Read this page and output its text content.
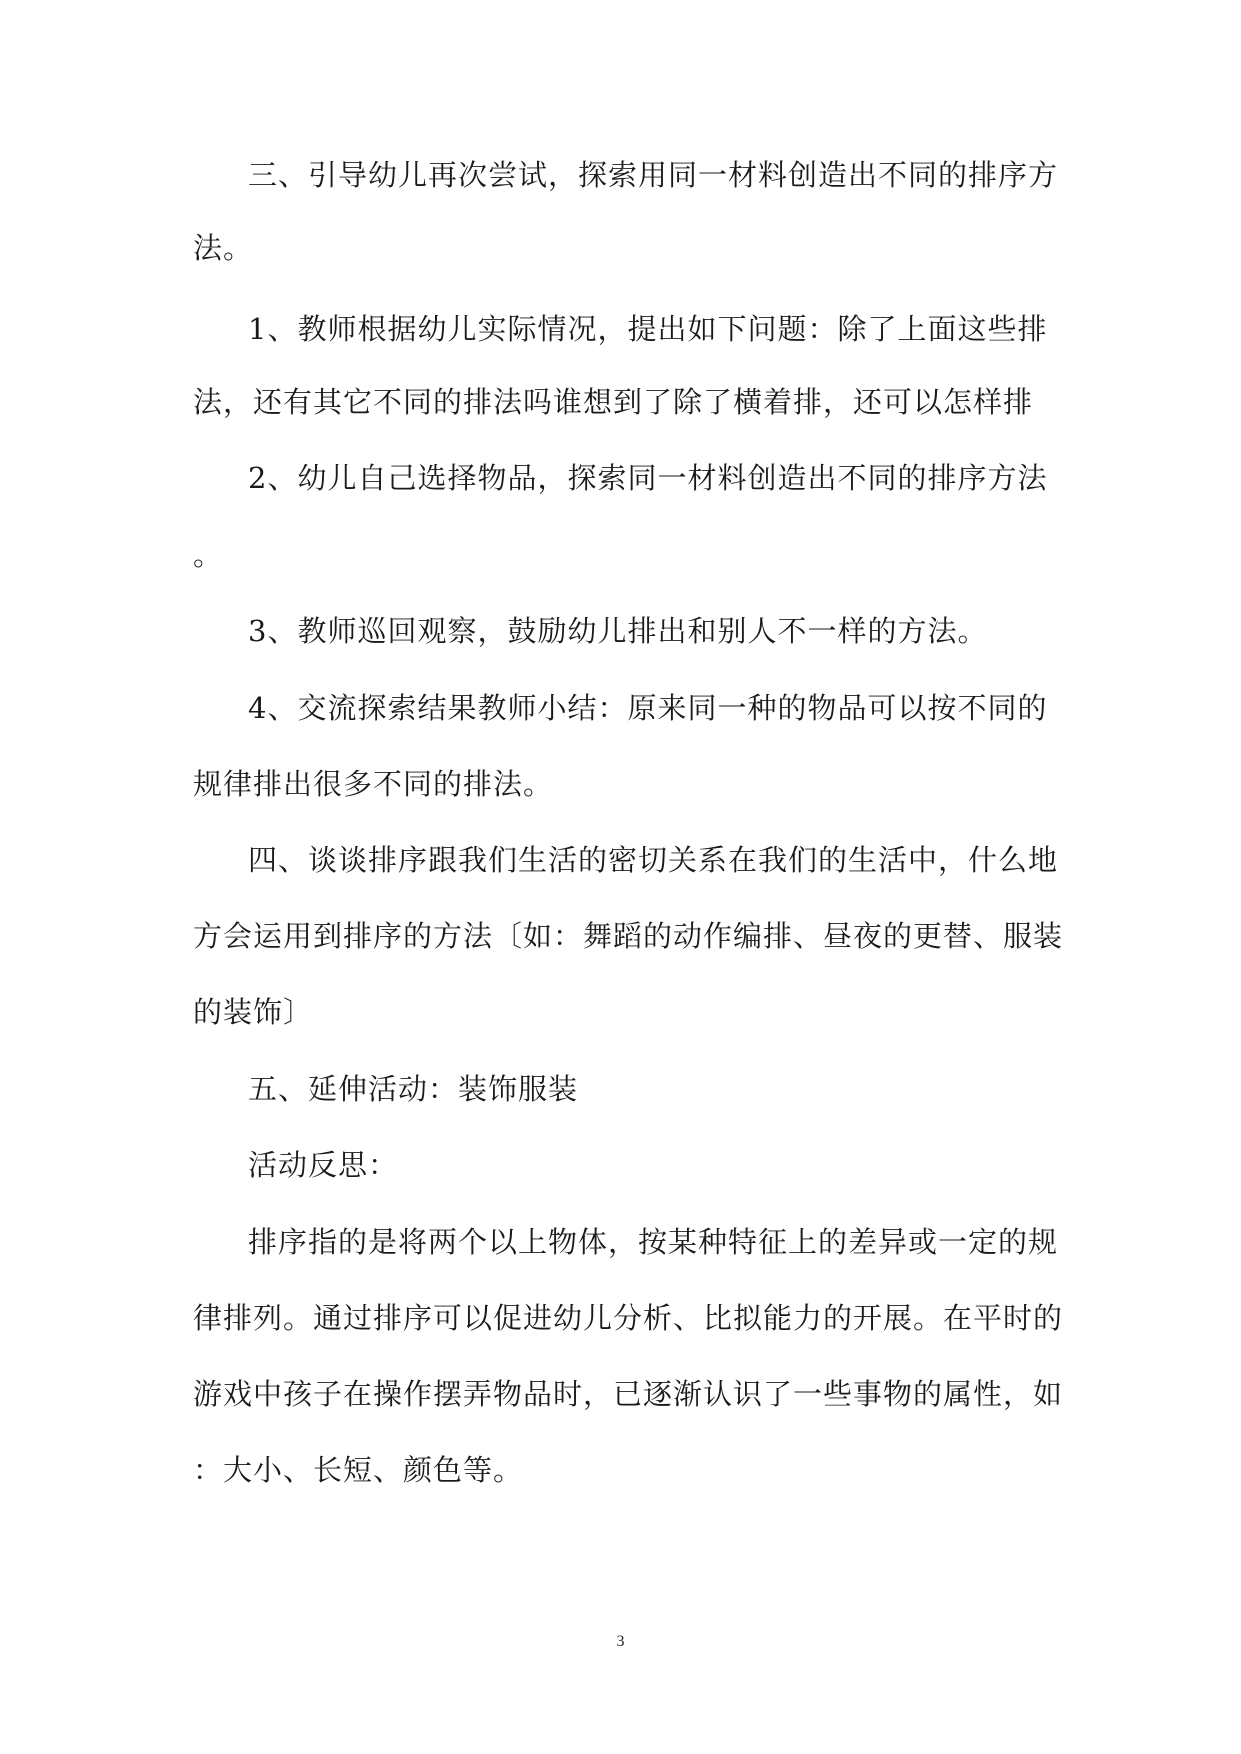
三、引导幼儿再次尝试，探索用同一材料创造出不同的排序方
法。
1、教师根据幼儿实际情况，提出如下问题：除了上面这些排
法，还有其它不同的排法吗谁想到了除了横着排，还可以怎样排
2、幼儿自己选择物品，探索同一材料创造出不同的排序方法
。
3、教师巡回观察，鼓励幼儿排出和别人不一样的方法。
4、交流探索结果教师小结：原来同一种的物品可以按不同的
规律排出很多不同的排法。
四、谈谈排序跟我们生活的密切关系在我们的生活中，什么地
方会运用到排序的方法〔如：舞蹈的动作编排、昼夜的更替、服装
的装饰〕
五、延伸活动：装饰服装
活动反思：
排序指的是将两个以上物体，按某种特征上的差异或一定的规
律排列。通过排序可以促进幼儿分析、比拟能力的开展。在平时的
游戏中孩子在操作摆弄物品时，已逐渐认识了一些事物的属性，如
：大小、长短、颜色等。
3
